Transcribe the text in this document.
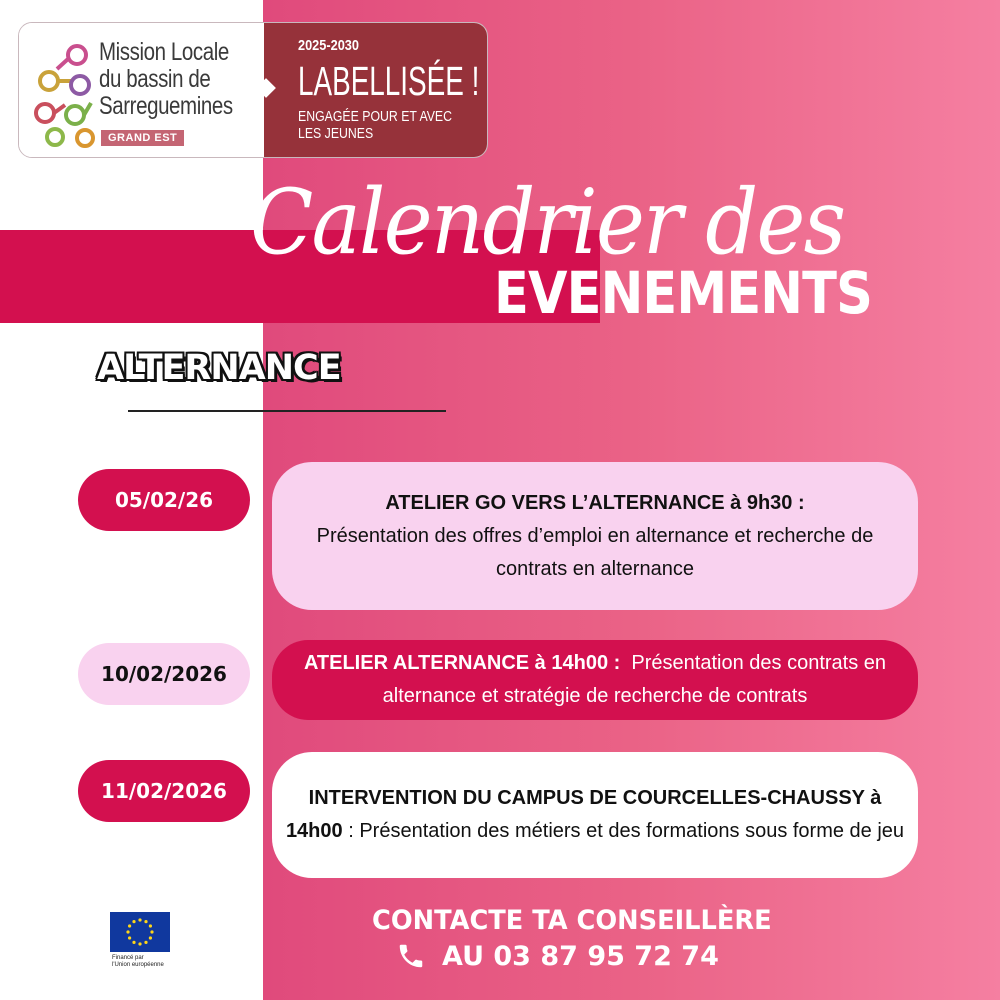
Mission Locale
du bassin de
Sarreguemines
GRAND EST
2025-2030
LABELLISÉE !
ENGAGÉE POUR ET AVEC
LES JEUNES
Calendrier des
EVENEMENTS
ALTERNANCE
05/02/26	ATELIER GO VERS L’ALTERNANCE à 9h30 :
Présentation des offres d’emploi en alternance et recherche de contrats en alternance
10/02/2026	ATELIER ALTERNANCE à 14h00 : Présentation des contrats en alternance et stratégie de recherche de contrats
11/02/2026	INTERVENTION DU CAMPUS DE COURCELLES-CHAUSSY à 14h00 : Présentation des métiers et des formations sous forme de jeu
CONTACTE TA CONSEILLÈRE
AU 03 87 95 72 74
Financé par
l'Union européenne
